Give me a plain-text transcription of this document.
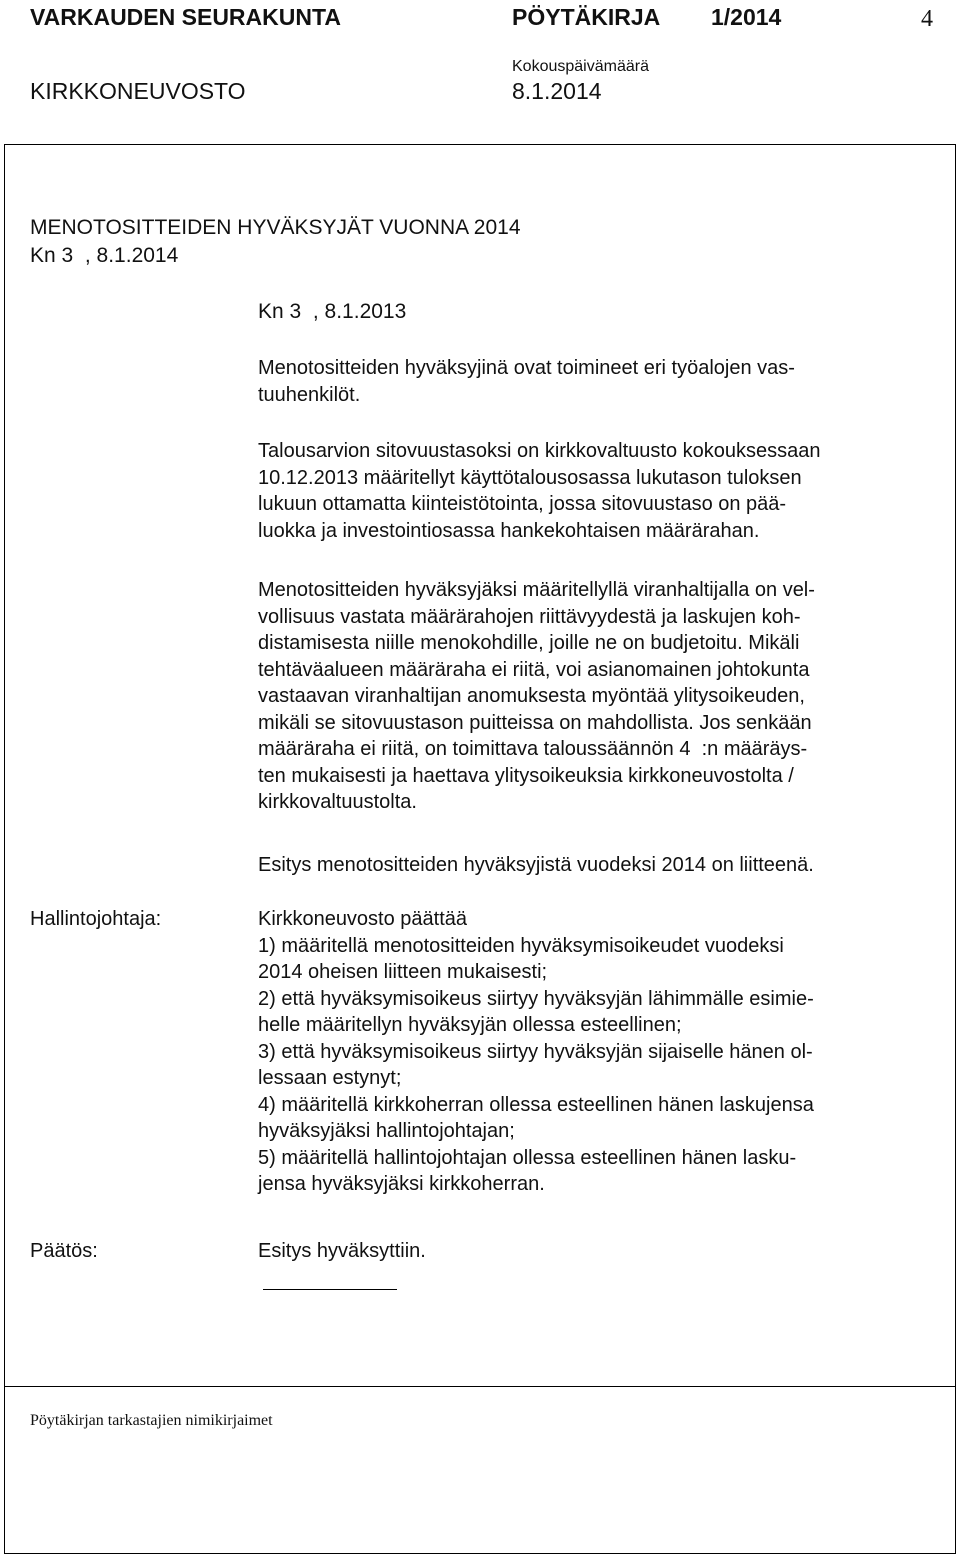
VARKAUDEN SEURAKUNTA	PÖYTÄKIRJA 1/2014	4
KIRKKONEUVOSTO
Kokouspäivämäärä
8.1.2014
MENOTOSITTEIDEN HYVÄKSYJÄT VUONNA 2014
Kn 3  , 8.1.2014
Kn 3  , 8.1.2013
Menotositteiden hyväksyjinä ovat toimineet eri työalojen vas-
tuuhenkilöt.
Talousarvion sitovuustasoksi on kirkkovaltuusto kokouksessaan
10.12.2013 määritellyt käyttötalousosassa lukutason tuloksen
lukuun ottamatta kiinteistötointa, jossa sitovuustaso on pää-
luokka ja investointiosassa hankekohtaisen määrärahan.
Menotositteiden hyväksyjäksi määritellyllä viranhaltijalla on vel-
vollisuus vastata määrärahojen riittävyydestä ja laskujen koh-
distamisesta niille menokohdille, joille ne on budjetoitu. Mikäli
tehtäväalueen määräraha ei riitä, voi asianomainen johtokunta
vastaavan viranhaltijan anomuksesta myöntää ylitysoikeuden,
mikäli se sitovuustason puitteissa on mahdollista. Jos senkään
määräraha ei riitä, on toimittava taloussäännön 4  :n määräys-
ten mukaisesti ja haettava ylitysoikeuksia kirkkoneuvostolta /
kirkkovaltuustolta.
Esitys menotositteiden hyväksyjistä vuodeksi 2014 on liitteenä.
Hallintojohtaja:	Kirkkoneuvosto päättää
1) määritellä menotositteiden hyväksymisoikeudet vuodeksi
2014 oheisen liitteen mukaisesti;
2) että hyväksymisoikeus siirtyy hyväksyjän lähimmälle esimie-
helle määritellyn hyväksyjän ollessa esteellinen;
3) että hyväksymisoikeus siirtyy hyväksyjän sijaiselle hänen ol-
lessaan estynyt;
4) määritellä kirkkoherran ollessa esteellinen hänen laskujensa
hyväksyjäksi hallintojohtajan;
5) määritellä hallintojohtajan ollessa esteellinen hänen lasku-
jensa hyväksyjäksi kirkkoherran.
Päätös:	Esitys hyväksyttiin.
Pöytäkirjan tarkastajien nimikirjaimet
